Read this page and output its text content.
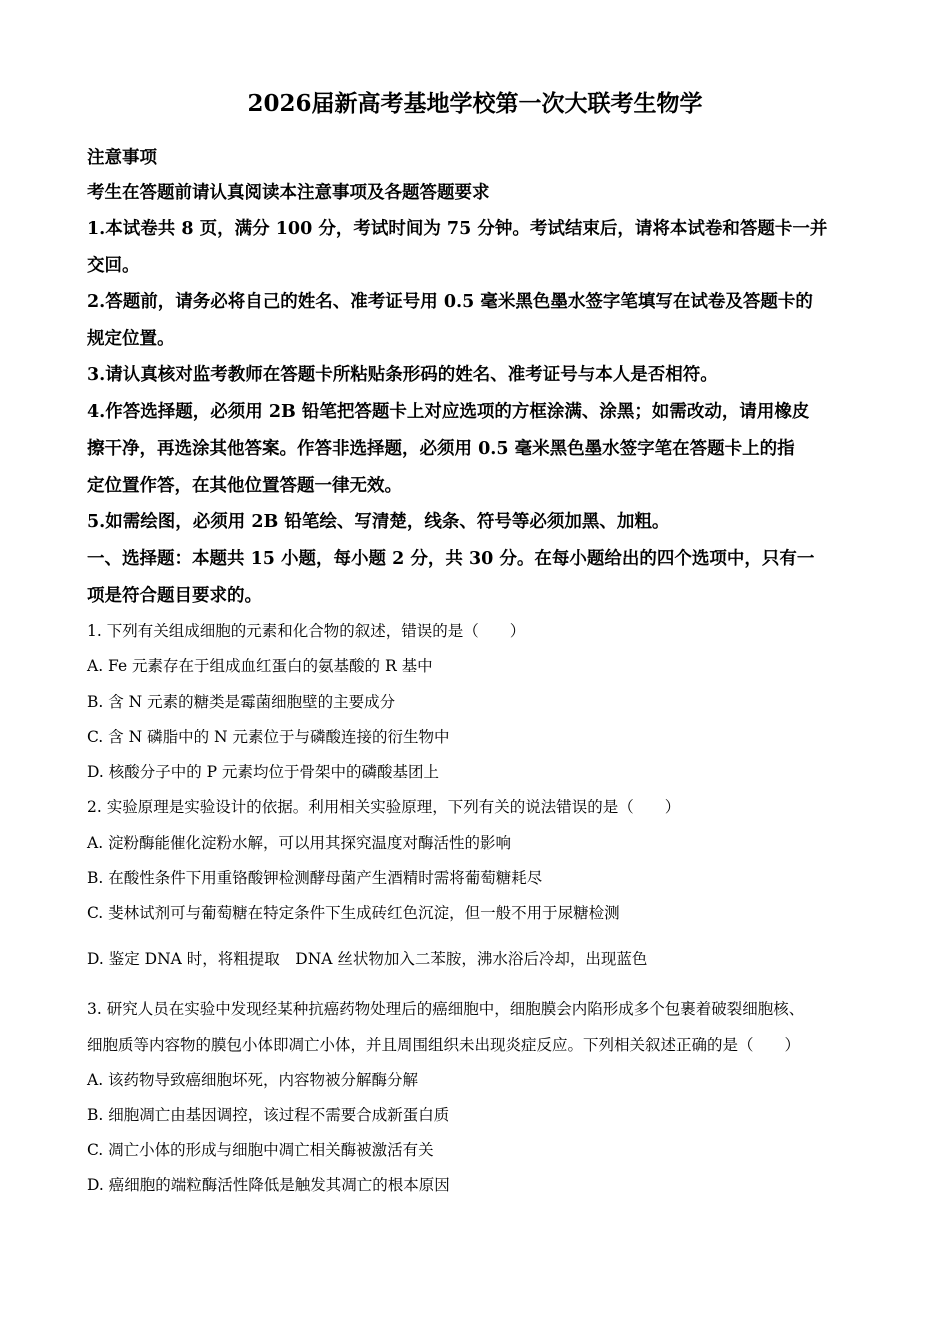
2026届新高考基地学校第一次大联考生物学
注意事项
考生在答题前请认真阅读本注意事项及各题答题要求
1.本试卷共 8 页，满分 100 分，考试时间为 75 分钟。考试结束后，请将本试卷和答题卡一并
交回。
2.答题前，请务必将自己的姓名、准考证号用 0.5 毫米黑色墨水签字笔填写在试卷及答题卡的
规定位置。
3.请认真核对监考教师在答题卡所粘贴条形码的姓名、准考证号与本人是否相符。
4.作答选择题，必须用 2B 铅笔把答题卡上对应选项的方框涂满、涂黑；如需改动，请用橡皮
擦干净，再选涂其他答案。作答非选择题，必须用 0.5 毫米黑色墨水签字笔在答题卡上的指
定位置作答，在其他位置答题一律无效。
5.如需绘图，必须用 2B 铅笔绘、写清楚，线条、符号等必须加黑、加粗。
一、选择题：本题共 15 小题，每小题 2 分，共 30 分。在每小题给出的四个选项中，只有一
项是符合题目要求的。
1. 下列有关组成细胞的元素和化合物的叙述，错误的是（　　）
A. Fe 元素存在于组成血红蛋白的氨基酸的 R 基中
B. 含 N 元素的糖类是霉菌细胞壁的主要成分
C. 含 N 磷脂中的 N 元素位于与磷酸连接的衍生物中
D. 核酸分子中的 P 元素均位于骨架中的磷酸基团上
2. 实验原理是实验设计的依据。利用相关实验原理，下列有关的说法错误的是（　　）
A. 淀粉酶能催化淀粉水解，可以用其探究温度对酶活性的影响
B. 在酸性条件下用重铬酸钾检测酵母菌产生酒精时需将葡萄糖耗尽
C. 斐林试剂可与葡萄糖在特定条件下生成砖红色沉淀，但一般不用于尿糖检测
D. 鉴定 DNA 时，将粗提取　DNA 丝状物加入二苯胺，沸水浴后冷却，出现蓝色
3. 研究人员在实验中发现经某种抗癌药物处理后的癌细胞中，细胞膜会内陷形成多个包裹着破裂细胞核、
细胞质等内容物的膜包小体即凋亡小体，并且周围组织未出现炎症反应。下列相关叙述正确的是（　　）
A. 该药物导致癌细胞坏死，内容物被分解酶分解
B. 细胞凋亡由基因调控，该过程不需要合成新蛋白质
C. 凋亡小体的形成与细胞中凋亡相关酶被激活有关
D. 癌细胞的端粒酶活性降低是触发其凋亡的根本原因
